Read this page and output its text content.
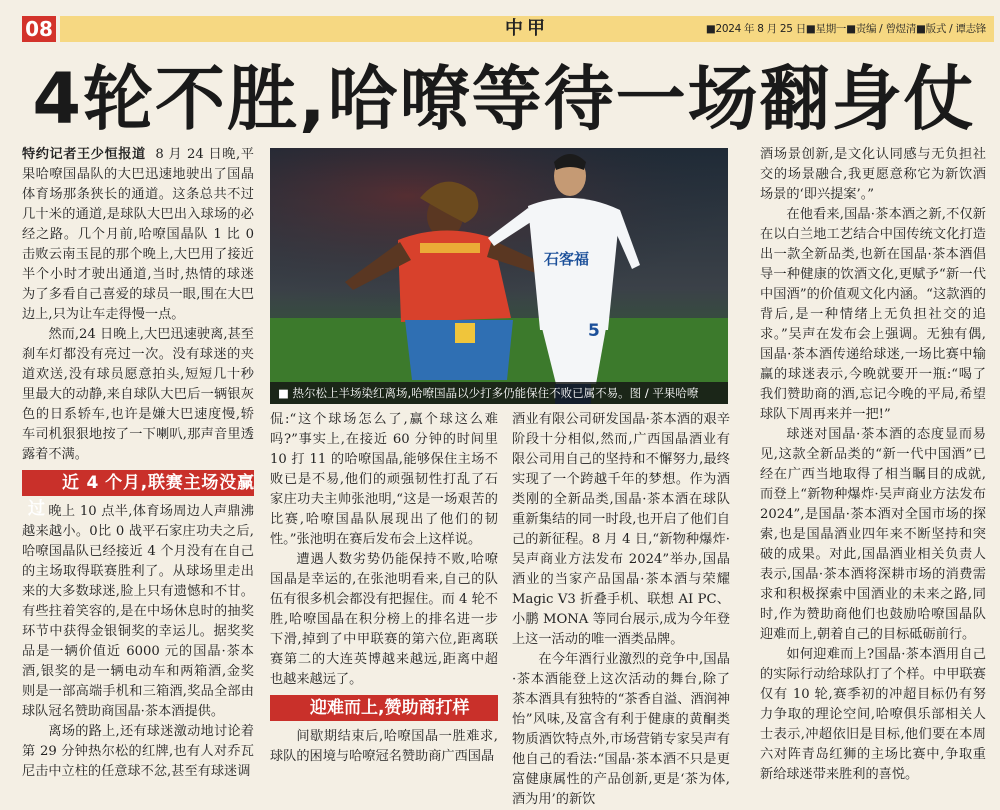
08	中甲	■2024 年 8 月 25 日■星期一■责编 / 曾煜清■版式 / 谭志锋
4轮不胜,哈嘹等待一场翻身仗

特约记者王少恒报道 8 月 24 日晚,平果哈嘹国晶队的大巴迅速地驶出了国晶体育场那条狭长的通道。这条总共不过几十米的通道,是球队大巴出入球场的必经之路。几个月前,哈嘹国晶队 1 比 0 击败云南玉昆的那个晚上,大巴用了接近半个小时才驶出通道,当时,热情的球迷为了多看自己喜爱的球员一眼,围在大巴边上,只为让车走得慢一点。

然而,24 日晚上,大巴迅速驶离,甚至刹车灯都没有亮过一次。没有球迷的夹道欢送,没有球员愿意拍头,短短几十秒里最大的动静,来自球队大巴后一辆银灰色的日系轿车,也许是嫌大巴速度慢,轿车司机狠狠地按了一下喇叭,那声音里透露着不满。

近 4 个月,联赛主场没赢过 晚上 10 点半,体育场周边人声鼎沸越来越小。0比 0 战平石家庄功夫之后,哈嘹国晶队已经接近 4 个月没有在自己的主场取得联赛胜利了。从球场里走出来的大多数球迷,脸上只有遗憾和不甘。有些拄着笑容的,是在中场休息时的抽奖环节中获得金银铜奖的幸运儿。据奖奖品是一辆价值近 6000 元的国晶·茶本酒,银奖的是一辆电动车和两箱酒,金奖则是一部高端手机和三箱酒,奖品全部由球队冠名赞助商国晶·茶本酒提供。

离场的路上,还有球迷激动地讨论着第 29 分钟热尔松的红牌,也有人对乔瓦尼击中立柱的任意球不忿,甚至有球迷调

石客福
5
■ 热尔松上半场染红离场,哈嘹国晶以少打多仍能保住不败已属不易。图 / 平果哈嘹

侃:“这个球场怎么了,赢个球这么难吗?”事实上,在接近 60 分钟的时间里 10 打 11 的哈嘹国晶,能够保住主场不败已是不易,他们的顽强韧性打乱了石家庄功夫主帅张池明,“这是一场艰苦的比赛,哈嘹国晶队展现出了他们的韧性。”张池明在赛后发布会上这样说。

遭遇人数劣势仍能保持不败,哈嘹国晶是幸运的,在张池明看来,自己的队伍有很多机会都没有把握住。而 4 轮不胜,哈嘹国晶在积分榜上的排名进一步下滑,掉到了中甲联赛的第六位,距离联赛第二的大连英博越来越远,距离中超也越来越远了。

迎难而上,赞助商打样

间歇期结束后,哈嘹国晶一胜难求,球队的困境与哈嘹冠名赞助商广西国晶

酒业有限公司研发国晶·茶本酒的艰辛阶段十分相似,然而,广西国晶酒业有限公司用自己的坚持和不懈努力,最终实现了一个跨越千年的梦想。作为酒类刚的全新品类,国晶·茶本酒在球队重新集结的同一时段,也开启了他们自己的新征程。8 月 4 日,“新物种爆炸·吴声商业方法发布 2024”举办,国晶酒业的当家产品国晶·茶本酒与荣耀 Magic V3 折叠手机、联想 AI PC、小鹏 MONA 等同台展示,成为今年登上这一活动的唯一酒类品牌。

在今年酒行业激烈的竞争中,国晶·茶本酒能登上这次活动的舞台,除了茶本酒具有独特的“茶香自溢、酒润神怡”风味,及富含有利于健康的黄酮类物质酒饮特点外,市场营销专家吴声有他自己的看法:“国晶·茶本酒不只是更富健康属性的产品创新,更是‘茶为体,酒为用’的新饮

酒场景创新,是文化认同感与无负担社交的场景融合,我更愿意称它为新饮酒场景的‘即兴提案’。”

在他看来,国晶·茶本酒之新,不仅新在以白兰地工艺结合中国传统文化打造出一款全新品类,也新在国晶·茶本酒倡导一种健康的饮酒文化,更赋予“新一代中国酒”的价值观文化内涵。“这款酒的背后,是一种情绪上无负担社交的追求。”吴声在发布会上强调。无独有偶,国晶·茶本酒传递给球迷,一场比赛中输赢的球迷表示,今晚就要开一瓶:“喝了我们赞助商的酒,忘记今晚的平局,希望球队下周再来并一把!”

球迷对国晶·茶本酒的态度显而易见,这款全新品类的“新一代中国酒”已经在广西当地取得了相当瞩目的成就,而登上“新物种爆炸·吴声商业方法发布 2024”,是国晶·茶本酒对全国市场的探索,也是国晶酒业四年来不断坚持和突破的成果。对此,国晶酒业相关负责人表示,国晶·茶本酒将深耕市场的消费需求和积极探索中国酒业的未来之路,同时,作为赞助商他们也鼓励哈嘹国晶队迎难而上,朝着自己的目标砥砺前行。

如何迎难而上?国晶·茶本酒用自己的实际行动给球队打了个样。中甲联赛仅有 10 轮,赛季初的冲超目标仍有努力争取的理论空间,哈嘹俱乐部相关人士表示,冲超依旧是目标,他们要在本周六对阵青岛红狮的主场比赛中,争取重新给球迷带来胜利的喜悦。
